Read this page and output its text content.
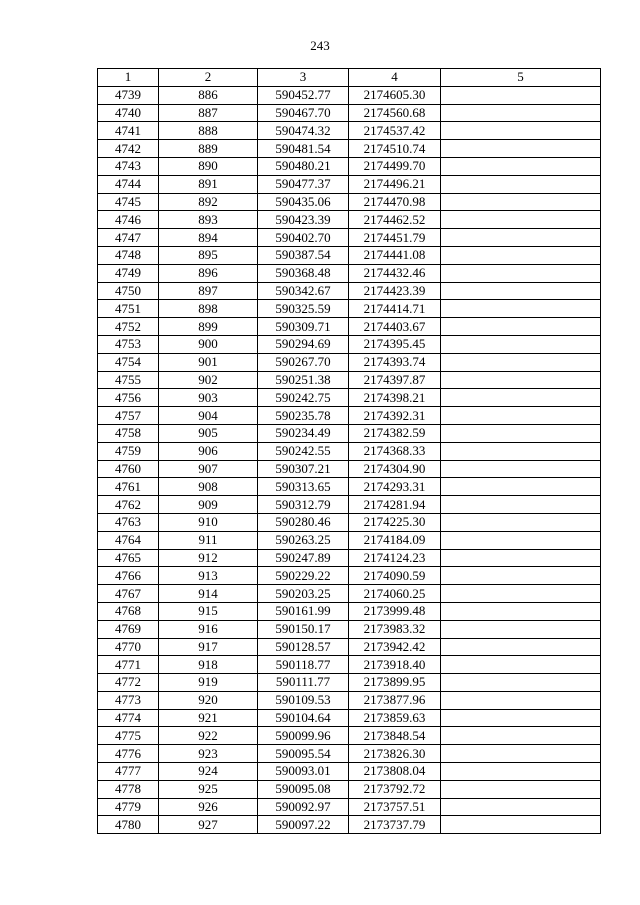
243
1	2	3	4	5
4739	886	590452.77	2174605.30	
4740	887	590467.70	2174560.68	
4741	888	590474.32	2174537.42	
4742	889	590481.54	2174510.74	
4743	890	590480.21	2174499.70	
4744	891	590477.37	2174496.21	
4745	892	590435.06	2174470.98	
4746	893	590423.39	2174462.52	
4747	894	590402.70	2174451.79	
4748	895	590387.54	2174441.08	
4749	896	590368.48	2174432.46	
4750	897	590342.67	2174423.39	
4751	898	590325.59	2174414.71	
4752	899	590309.71	2174403.67	
4753	900	590294.69	2174395.45	
4754	901	590267.70	2174393.74	
4755	902	590251.38	2174397.87	
4756	903	590242.75	2174398.21	
4757	904	590235.78	2174392.31	
4758	905	590234.49	2174382.59	
4759	906	590242.55	2174368.33	
4760	907	590307.21	2174304.90	
4761	908	590313.65	2174293.31	
4762	909	590312.79	2174281.94	
4763	910	590280.46	2174225.30	
4764	911	590263.25	2174184.09	
4765	912	590247.89	2174124.23	
4766	913	590229.22	2174090.59	
4767	914	590203.25	2174060.25	
4768	915	590161.99	2173999.48	
4769	916	590150.17	2173983.32	
4770	917	590128.57	2173942.42	
4771	918	590118.77	2173918.40	
4772	919	590111.77	2173899.95	
4773	920	590109.53	2173877.96	
4774	921	590104.64	2173859.63	
4775	922	590099.96	2173848.54	
4776	923	590095.54	2173826.30	
4777	924	590093.01	2173808.04	
4778	925	590095.08	2173792.72	
4779	926	590092.97	2173757.51	
4780	927	590097.22	2173737.79	
